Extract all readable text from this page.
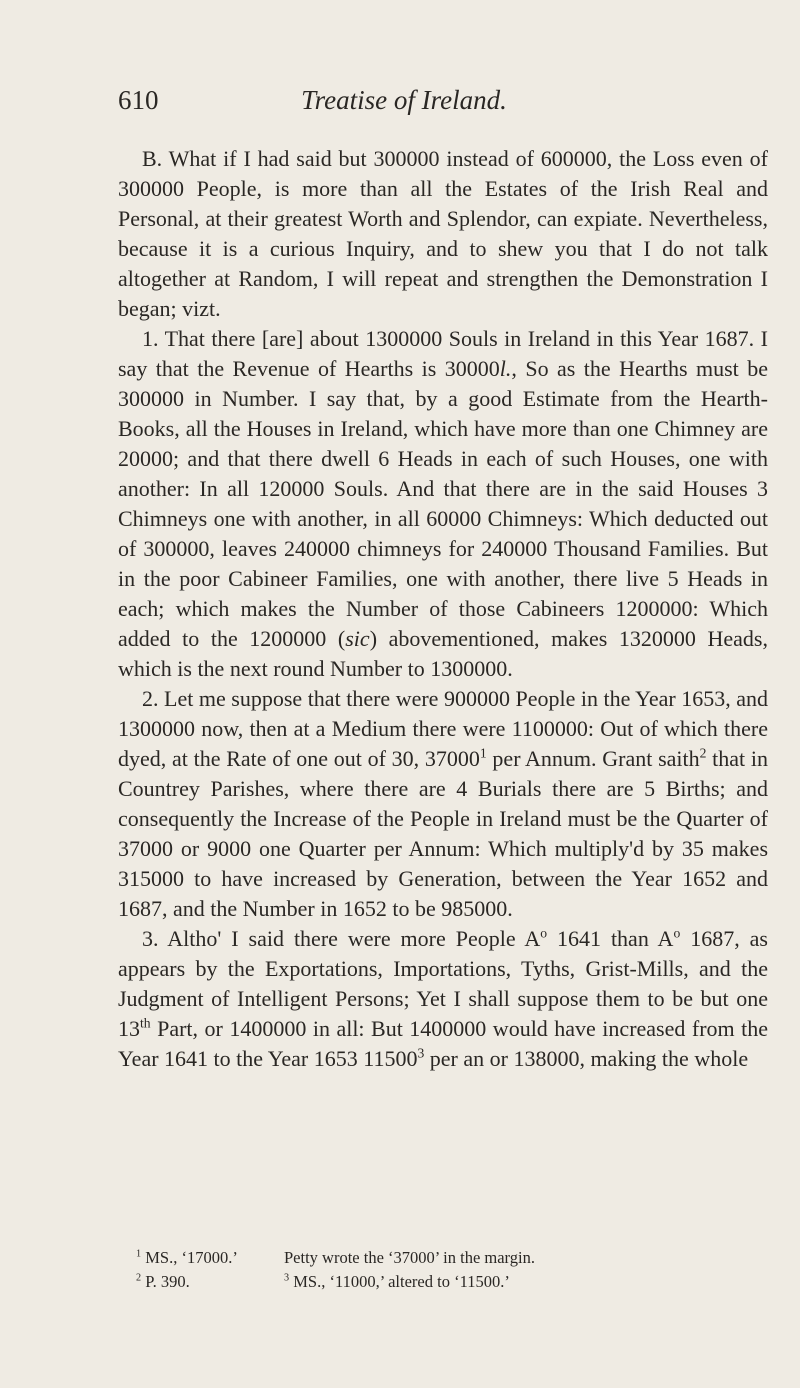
610	Treatise of Ireland.

B. What if I had said but 300000 instead of 600000, the Loss even of 300000 People, is more than all the Estates of the Irish Real and Personal, at their greatest Worth and Splendor, can expiate. Nevertheless, because it is a curious Inquiry, and to shew you that I do not talk altogether at Random, I will repeat and strengthen the Demonstration I began; vizt.

1. That there [are] about 1300000 Souls in Ireland in this Year 1687. I say that the Revenue of Hearths is 30000l., So as the Hearths must be 300000 in Number. I say that, by a good Estimate from the Hearth-Books, all the Houses in Ireland, which have more than one Chimney are 20000; and that there dwell 6 Heads in each of such Houses, one with another: In all 120000 Souls. And that there are in the said Houses 3 Chimneys one with another, in all 60000 Chimneys: Which deducted out of 300000, leaves 240000 chimneys for 240000 Thousand Families. But in the poor Cabineer Families, one with another, there live 5 Heads in each; which makes the Number of those Cabineers 1200000: Which added to the 1200000 (sic) abovementioned, makes 1320000 Heads, which is the next round Number to 1300000.

2. Let me suppose that there were 900000 People in the Year 1653, and 1300000 now, then at a Medium there were 1100000: Out of which there dyed, at the Rate of one out of 30, 37000$^1$ per Annum. Grant saith$^2$ that in Countrey Parishes, where there are 4 Burials there are 5 Births; and consequently the Increase of the People in Ireland must be the Quarter of 37000 or 9000 one Quarter per Annum: Which multiply'd by 35 makes 315000 to have increased by Generation, between the Year 1652 and 1687, and the Number in 1652 to be 985000.

3. Altho' I said there were more People $A^o$ 1641 than $A^o$ 1687, as appears by the Exportations, Importations, Tyths, Grist-Mills, and the Judgment of Intelligent Persons; Yet I shall suppose them to be but one 13th Part, or 1400000 in all: But 1400000 would have increased from the Year 1641 to the Year 1653 11500$^3$ per an or 138000, making the whole

$^1$ MS., ‘17000.’	Petty wrote the ‘37000’ in the margin.
$^2$ P. 390.	$^3$ MS., ‘11000,’ altered to ‘11500.’
